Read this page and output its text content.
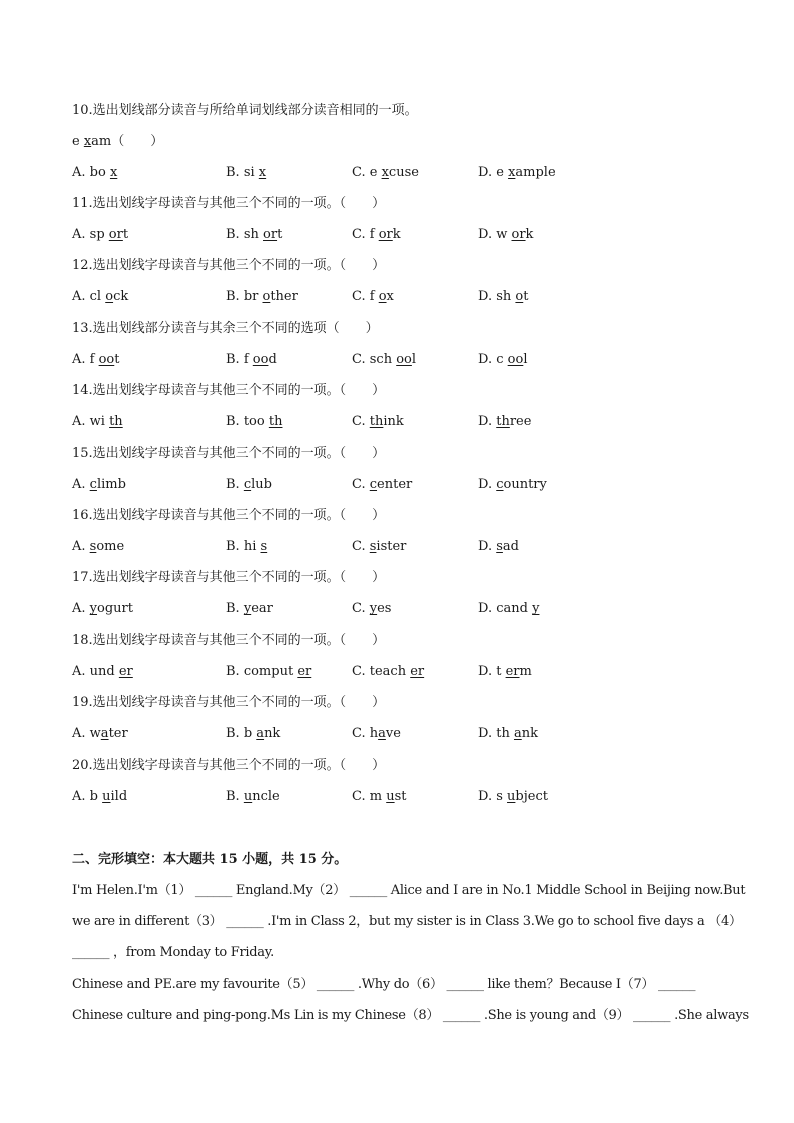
10.选出划线部分读音与所给单词划线部分读音相同的一项。
e xam（　　）
A. bo x	B. si x	C. e xcuse	D. e xample
11.选出划线字母读音与其他三个不同的一项。（　　）
A. sp ort	B. sh ort	C. f ork	D. w ork
12.选出划线字母读音与其他三个不同的一项。（　　）
A. cl ock	B. br other	C. f ox	D. sh ot
13.选出划线部分读音与其余三个不同的选项（　　）
A. f oot	B. f ood	C. sch ool	D. c ool
14.选出划线字母读音与其他三个不同的一项。（　　）
A. wi th	B. too th	C. think	D. three
15.选出划线字母读音与其他三个不同的一项。（　　）
A. climb	B. club	C. center	D. country
16.选出划线字母读音与其他三个不同的一项。（　　）
A. some	B. hi s	C. sister	D. sad
17.选出划线字母读音与其他三个不同的一项。（　　）
A. yogurt	B. year	C. yes	D. cand y
18.选出划线字母读音与其他三个不同的一项。（　　）
A. und er	B. comput er	C. teach er	D. t erm
19.选出划线字母读音与其他三个不同的一项。（　　）
A. water	B. b ank	C. have	D. th ank
20.选出划线字母读音与其他三个不同的一项。（　　）
A. b uild	B. uncle	C. m ust	D. s ubject
二、完形填空：本大题共 15 小题，共 15 分。
I'm Helen.I'm（1） ______ England.My（2） ______ Alice and I are in No.1 Middle School in Beijing now.But
we are in different（3） ______ .I'm in Class 2，but my sister is in Class 3.We go to school five days a （4）
______ ，from Monday to Friday.
Chinese and PE.are my favourite（5） ______ .Why do（6） ______ like them？Because I（7） ______
Chinese culture and ping-pong.Ms Lin is my Chinese（8） ______ .She is young and（9） ______ .She always
